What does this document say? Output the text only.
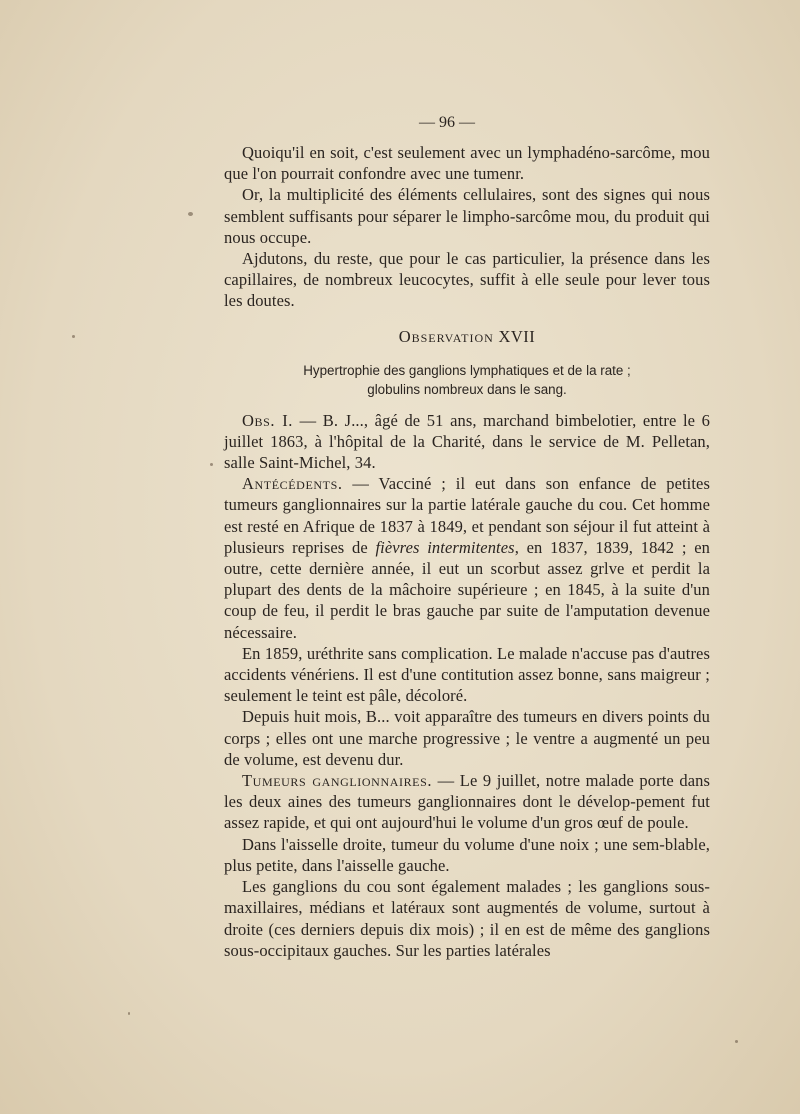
— 96 —

Quoiqu'il en soit, c'est seulement avec un lymphadéno-sarcôme, mou que l'on pourrait confondre avec une tumenr.

Or, la multiplicité des éléments cellulaires, sont des signes qui nous semblent suffisants pour séparer le limpho-sarcôme mou, du produit qui nous occupe.

Ajdutons, du reste, que pour le cas particulier, la présence dans les capillaires, de nombreux leucocytes, suffit à elle seule pour lever tous les doutes.

Observation XVII
Hypertrophie des ganglions lymphatiques et de la rate ;
globulins nombreux dans le sang.

Obs. I. — B. J..., âgé de 51 ans, marchand bimbelotier, entre le 6 juillet 1863, à l'hôpital de la Charité, dans le service de M. Pelletan, salle Saint-Michel, 34.

Antécédents. — Vacciné ; il eut dans son enfance de petites tumeurs ganglionnaires sur la partie latérale gauche du cou. Cet homme est resté en Afrique de 1837 à 1849, et pendant son séjour il fut atteint à plusieurs reprises de fièvres intermitentes, en 1837, 1839, 1842 ; en outre, cette dernière année, il eut un scorbut assez grlve et perdit la plupart des dents de la mâchoire supérieure ; en 1845, à la suite d'un coup de feu, il perdit le bras gauche par suite de l'amputation devenue nécessaire.

En 1859, uréthrite sans complication. Le malade n'accuse pas d'autres accidents vénériens. Il est d'une contitution assez bonne, sans maigreur ; seulement le teint est pâle, décoloré.

Depuis huit mois, B... voit apparaître des tumeurs en divers points du corps ; elles ont une marche progressive ; le ventre a augmenté un peu de volume, est devenu dur.

Tumeurs ganglionnaires. — Le 9 juillet, notre malade porte dans les deux aines des tumeurs ganglionnaires dont le dévelop-pement fut assez rapide, et qui ont aujourd'hui le volume d'un gros œuf de poule.

Dans l'aisselle droite, tumeur du volume d'une noix ; une sem-blable, plus petite, dans l'aisselle gauche.

Les ganglions du cou sont également malades ; les ganglions sous-maxillaires, médians et latéraux sont augmentés de volume, surtout à droite (ces derniers depuis dix mois) ; il en est de même des ganglions sous-occipitaux gauches. Sur les parties latérales
